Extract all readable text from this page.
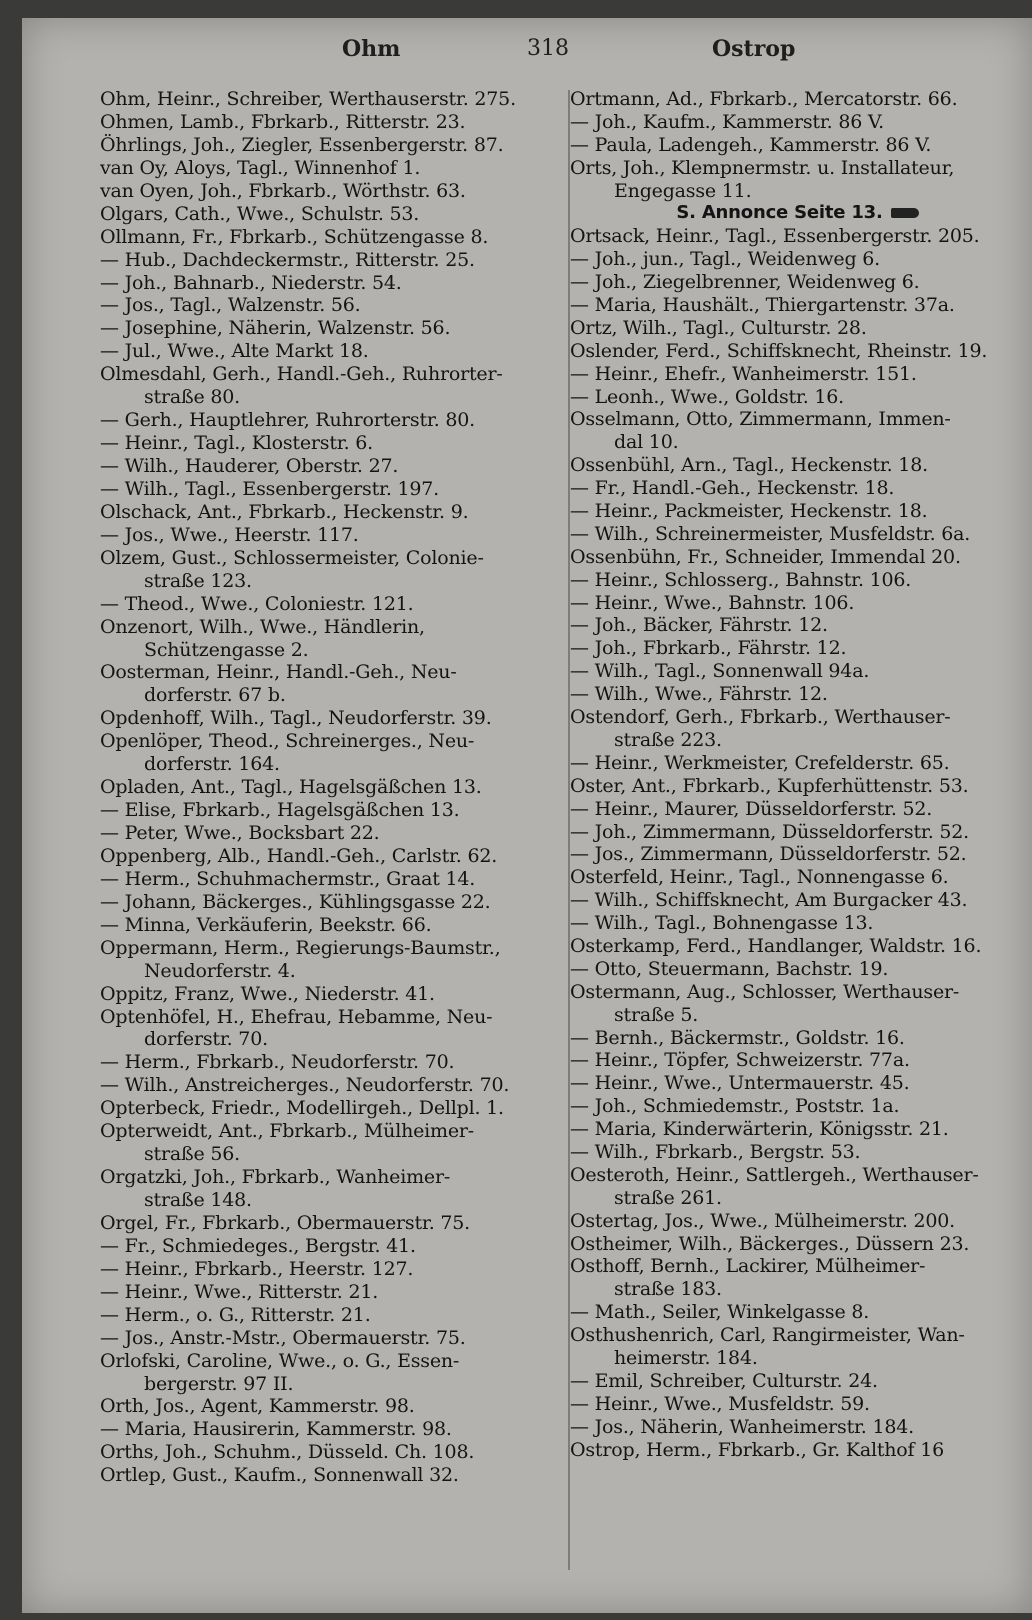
Ohm	318	Ostrop
Ohm, Heinr., Schreiber, Werthauserstr. 275.
Ohmen, Lamb., Fbrkarb., Ritterstr. 23.
Öhrlings, Joh., Ziegler, Essenbergerstr. 87.
van Oy, Aloys, Tagl., Winnenhof 1.
van Oyen, Joh., Fbrkarb., Wörthstr. 63.
Olgars, Cath., Wwe., Schulstr. 53.
Ollmann, Fr., Fbrkarb., Schützengasse 8.
— Hub., Dachdeckermstr., Ritterstr. 25.
— Joh., Bahnarb., Niederstr. 54.
— Jos., Tagl., Walzenstr. 56.
— Josephine, Näherin, Walzenstr. 56.
— Jul., Wwe., Alte Markt 18.
Olmesdahl, Gerh., Handl.-Geh., Ruhrorter-
straße 80.
— Gerh., Hauptlehrer, Ruhrorterstr. 80.
— Heinr., Tagl., Klosterstr. 6.
— Wilh., Hauderer, Oberstr. 27.
— Wilh., Tagl., Essenbergerstr. 197.
Olschack, Ant., Fbrkarb., Heckenstr. 9.
— Jos., Wwe., Heerstr. 117.
Olzem, Gust., Schlossermeister, Colonie-
straße 123.
— Theod., Wwe., Coloniestr. 121.
Onzenort, Wilh., Wwe., Händlerin,
Schützengasse 2.
Oosterman, Heinr., Handl.-Geh., Neu-
dorferstr. 67 b.
Opdenhoff, Wilh., Tagl., Neudorferstr. 39.
Openlöper, Theod., Schreinerges., Neu-
dorferstr. 164.
Opladen, Ant., Tagl., Hagelsgäßchen 13.
— Elise, Fbrkarb., Hagelsgäßchen 13.
— Peter, Wwe., Bocksbart 22.
Oppenberg, Alb., Handl.-Geh., Carlstr. 62.
— Herm., Schuhmachermstr., Graat 14.
— Johann, Bäckerges., Kühlingsgasse 22.
— Minna, Verkäuferin, Beekstr. 66.
Oppermann, Herm., Regierungs-Baumstr.,
Neudorferstr. 4.
Oppitz, Franz, Wwe., Niederstr. 41.
Optenhöfel, H., Ehefrau, Hebamme, Neu-
dorferstr. 70.
— Herm., Fbrkarb., Neudorferstr. 70.
— Wilh., Anstreicherges., Neudorferstr. 70.
Opterbeck, Friedr., Modellirgeh., Dellpl. 1.
Opterweidt, Ant., Fbrkarb., Mülheimer-
straße 56.
Orgatzki, Joh., Fbrkarb., Wanheimer-
straße 148.
Orgel, Fr., Fbrkarb., Obermauerstr. 75.
— Fr., Schmiedeges., Bergstr. 41.
— Heinr., Fbrkarb., Heerstr. 127.
— Heinr., Wwe., Ritterstr. 21.
— Herm., o. G., Ritterstr. 21.
— Jos., Anstr.-Mstr., Obermauerstr. 75.
Orlofski, Caroline, Wwe., o. G., Essen-
bergerstr. 97 II.
Orth, Jos., Agent, Kammerstr. 98.
— Maria, Hausirerin, Kammerstr. 98.
Orths, Joh., Schuhm., Düsseld. Ch. 108.
Ortlep, Gust., Kaufm., Sonnenwall 32.
Ortmann, Ad., Fbrkarb., Mercatorstr. 66.
— Joh., Kaufm., Kammerstr. 86 V.
— Paula, Ladengeh., Kammerstr. 86 V.
Orts, Joh., Klempnermstr. u. Installateur,
Engegasse 11.
S. Annonce Seite 13.
Ortsack, Heinr., Tagl., Essenbergerstr. 205.
— Joh., jun., Tagl., Weidenweg 6.
— Joh., Ziegelbrenner, Weidenweg 6.
— Maria, Haushält., Thiergartenstr. 37a.
Ortz, Wilh., Tagl., Culturstr. 28.
Oslender, Ferd., Schiffsknecht, Rheinstr. 19.
— Heinr., Ehefr., Wanheimerstr. 151.
— Leonh., Wwe., Goldstr. 16.
Osselmann, Otto, Zimmermann, Immen-
dal 10.
Ossenbühl, Arn., Tagl., Heckenstr. 18.
— Fr., Handl.-Geh., Heckenstr. 18.
— Heinr., Packmeister, Heckenstr. 18.
— Wilh., Schreinermeister, Musfeldstr. 6a.
Ossenbühn, Fr., Schneider, Immendal 20.
— Heinr., Schlosserg., Bahnstr. 106.
— Heinr., Wwe., Bahnstr. 106.
— Joh., Bäcker, Fährstr. 12.
— Joh., Fbrkarb., Fährstr. 12.
— Wilh., Tagl., Sonnenwall 94a.
— Wilh., Wwe., Fährstr. 12.
Ostendorf, Gerh., Fbrkarb., Werthauser-
straße 223.
— Heinr., Werkmeister, Crefelderstr. 65.
Oster, Ant., Fbrkarb., Kupferhüttenstr. 53.
— Heinr., Maurer, Düsseldorferstr. 52.
— Joh., Zimmermann, Düsseldorferstr. 52.
— Jos., Zimmermann, Düsseldorferstr. 52.
Osterfeld, Heinr., Tagl., Nonnengasse 6.
— Wilh., Schiffsknecht, Am Burgacker 43.
— Wilh., Tagl., Bohnengasse 13.
Osterkamp, Ferd., Handlanger, Waldstr. 16.
— Otto, Steuermann, Bachstr. 19.
Ostermann, Aug., Schlosser, Werthauser-
straße 5.
— Bernh., Bäckermstr., Goldstr. 16.
— Heinr., Töpfer, Schweizerstr. 77a.
— Heinr., Wwe., Untermauerstr. 45.
— Joh., Schmiedemstr., Poststr. 1a.
— Maria, Kinderwärterin, Königsstr. 21.
— Wilh., Fbrkarb., Bergstr. 53.
Oesteroth, Heinr., Sattlergeh., Werthauser-
straße 261.
Ostertag, Jos., Wwe., Mülheimerstr. 200.
Ostheimer, Wilh., Bäckerges., Düssern 23.
Osthoff, Bernh., Lackirer, Mülheimer-
straße 183.
— Math., Seiler, Winkelgasse 8.
Osthushenrich, Carl, Rangirmeister, Wan-
heimerstr. 184.
— Emil, Schreiber, Culturstr. 24.
— Heinr., Wwe., Musfeldstr. 59.
— Jos., Näherin, Wanheimerstr. 184.
Ostrop, Herm., Fbrkarb., Gr. Kalthof 16
